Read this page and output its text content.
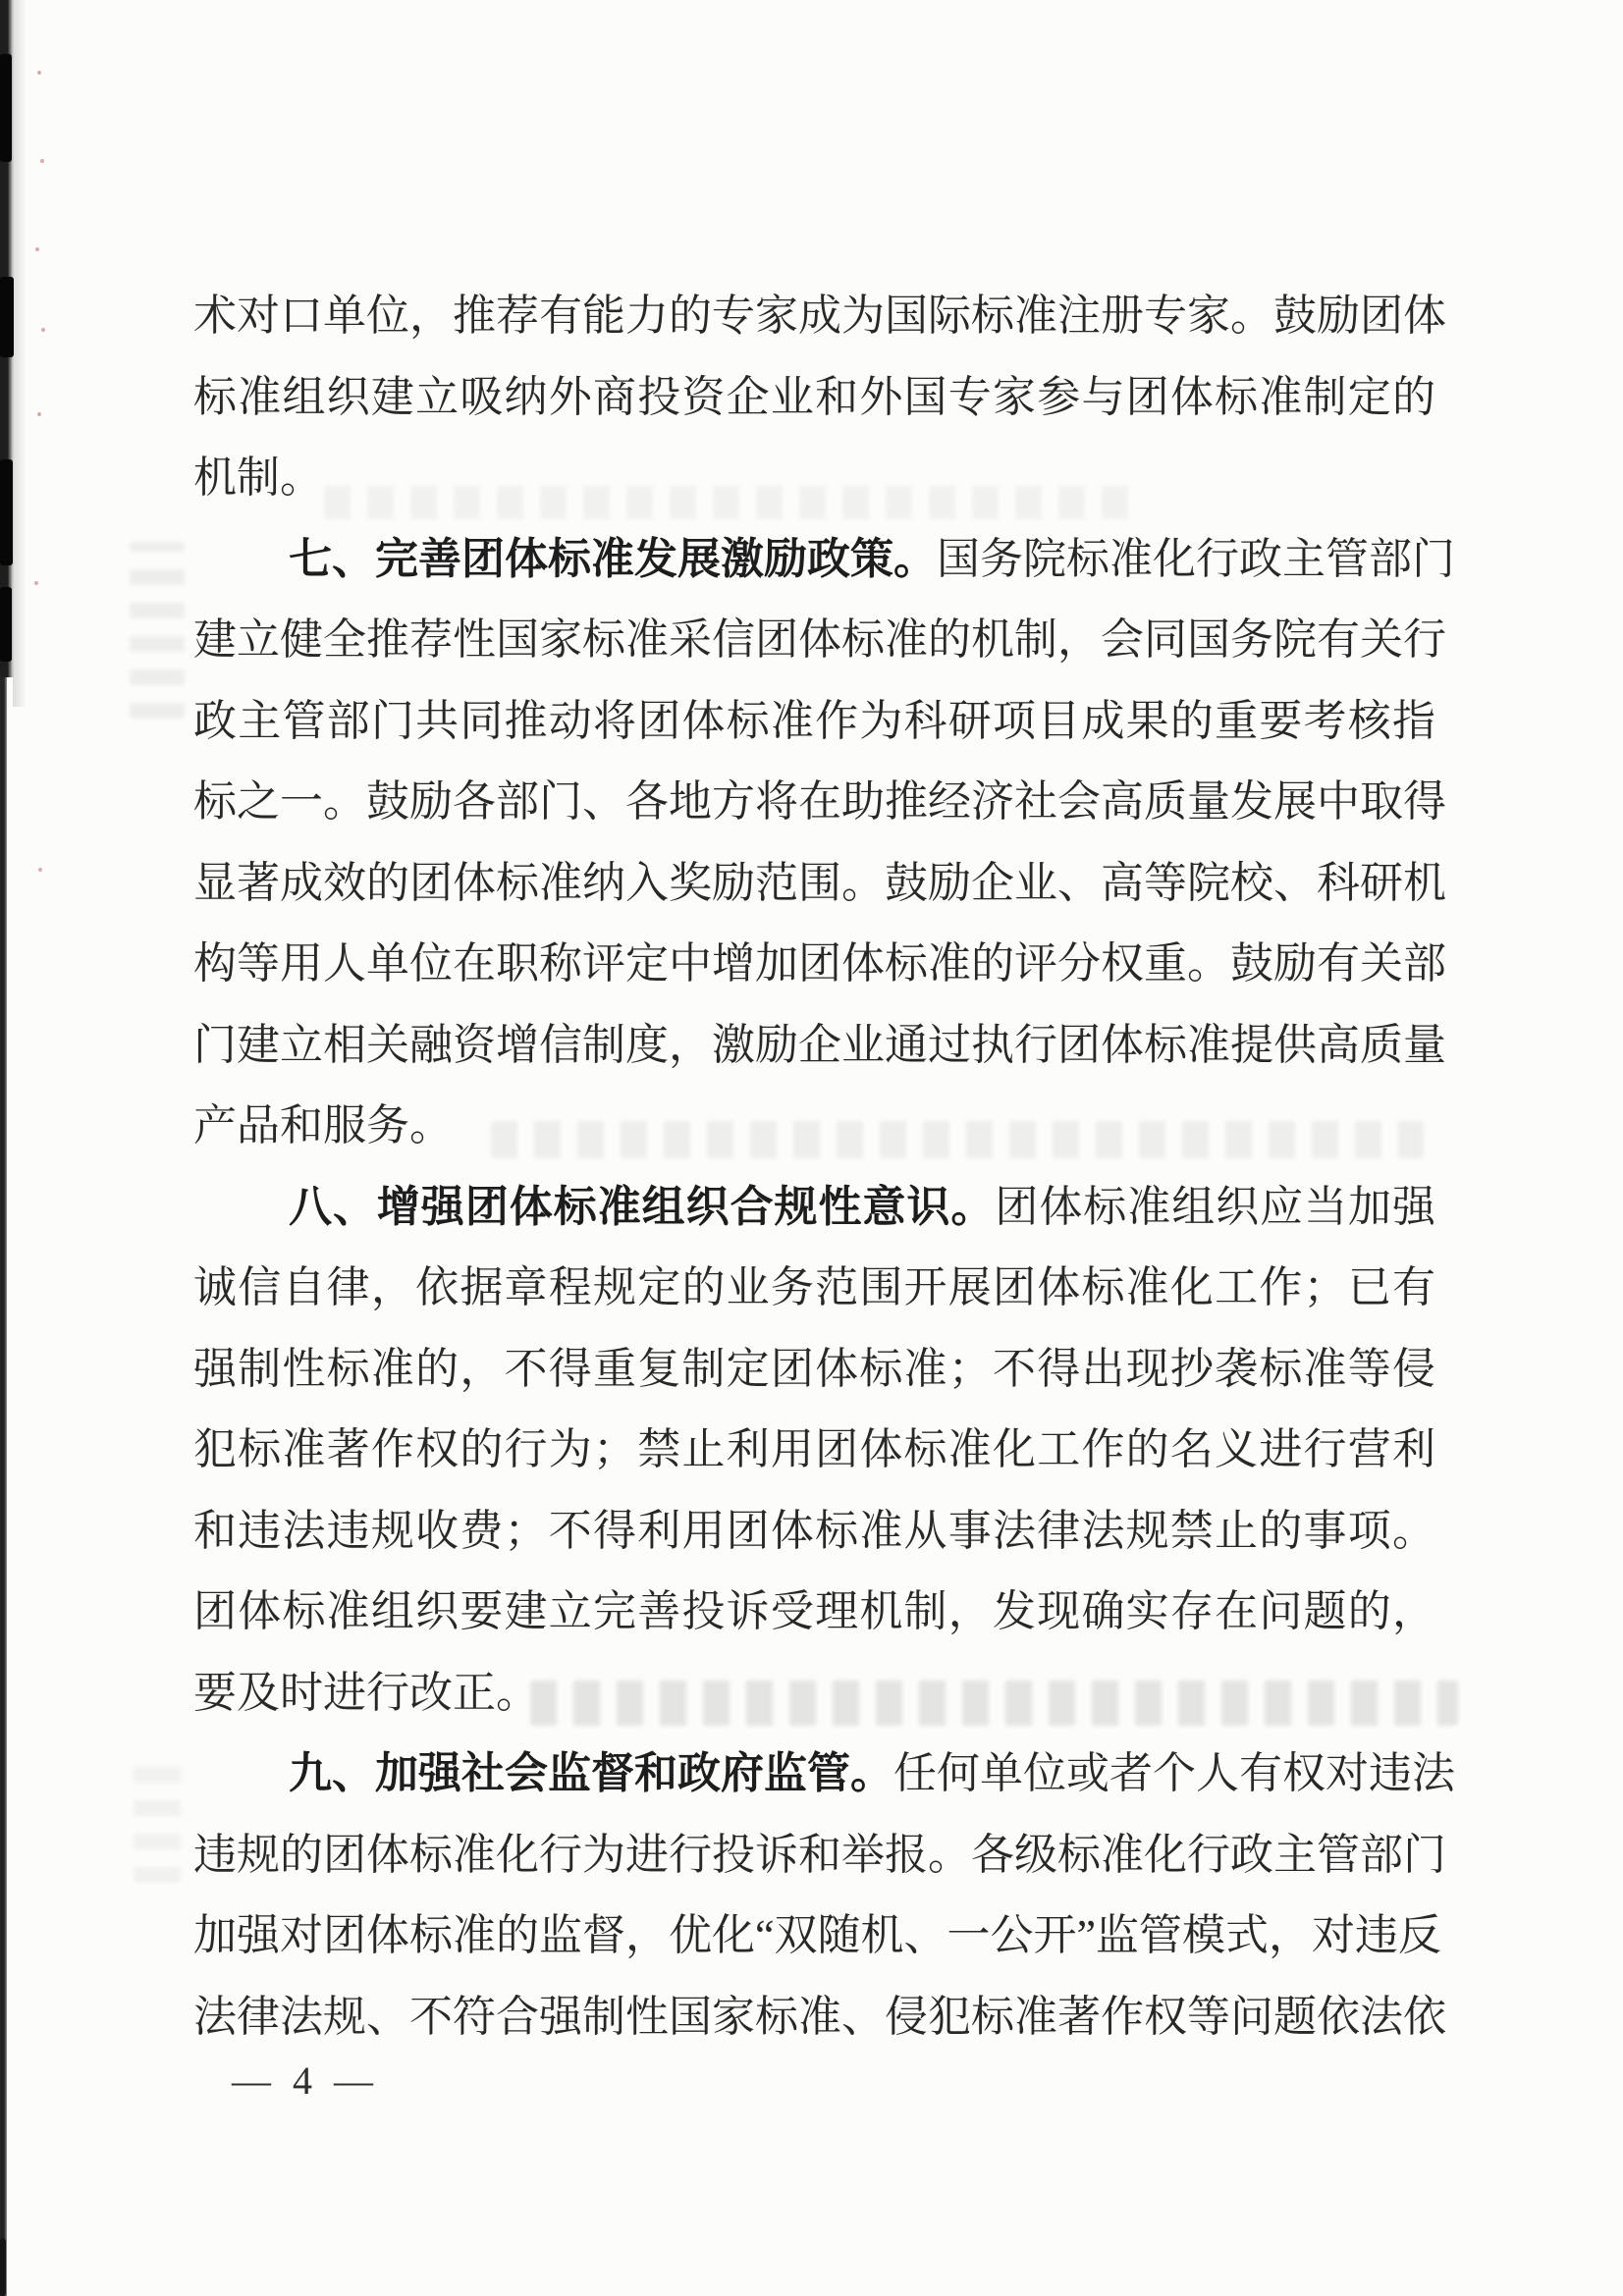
术对口单位，推荐有能力的专家成为国际标准注册专家。鼓励团体
标准组织建立吸纳外商投资企业和外国专家参与团体标准制定的
机制。
七、完善团体标准发展激励政策。国务院标准化行政主管部门
建立健全推荐性国家标准采信团体标准的机制，会同国务院有关行
政主管部门共同推动将团体标准作为科研项目成果的重要考核指
标之一。鼓励各部门、各地方将在助推经济社会高质量发展中取得
显著成效的团体标准纳入奖励范围。鼓励企业、高等院校、科研机
构等用人单位在职称评定中增加团体标准的评分权重。鼓励有关部
门建立相关融资增信制度，激励企业通过执行团体标准提供高质量
产品和服务。
八、增强团体标准组织合规性意识。团体标准组织应当加强
诚信自律，依据章程规定的业务范围开展团体标准化工作；已有
强制性标准的，不得重复制定团体标准；不得出现抄袭标准等侵
犯标准著作权的行为；禁止利用团体标准化工作的名义进行营利
和违法违规收费；不得利用团体标准从事法律法规禁止的事项。
团体标准组织要建立完善投诉受理机制，发现确实存在问题的，
要及时进行改正。
九、加强社会监督和政府监管。任何单位或者个人有权对违法
违规的团体标准化行为进行投诉和举报。各级标准化行政主管部门
加强对团体标准的监督，优化“双随机、一公开”监管模式，对违反
法律法规、不符合强制性国家标准、侵犯标准著作权等问题依法依
— 4 —
